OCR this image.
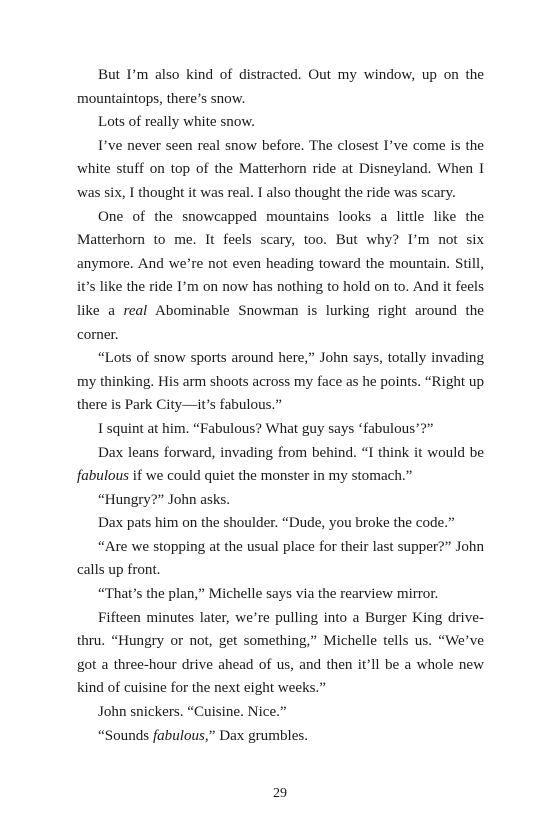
But I’m also kind of distracted. Out my window, up on the mountaintops, there’s snow.

Lots of really white snow.

I’ve never seen real snow before. The closest I’ve come is the white stuff on top of the Matterhorn ride at Disneyland. When I was six, I thought it was real. I also thought the ride was scary.

One of the snowcapped mountains looks a little like the Matterhorn to me. It feels scary, too. But why? I’m not six anymore. And we’re not even heading toward the mountain. Still, it’s like the ride I’m on now has nothing to hold on to. And it feels like a real Abominable Snowman is lurking right around the corner.

“Lots of snow sports around here,” John says, totally invading my thinking. His arm shoots across my face as he points. “Right up there is Park City—it’s fabulous.”

I squint at him. “Fabulous? What guy says ‘fabulous’?”

Dax leans forward, invading from behind. “I think it would be fabulous if we could quiet the monster in my stomach.”

“Hungry?” John asks.

Dax pats him on the shoulder. “Dude, you broke the code.”

“Are we stopping at the usual place for their last supper?” John calls up front.

“That’s the plan,” Michelle says via the rearview mirror.

Fifteen minutes later, we’re pulling into a Burger King drive-thru. “Hungry or not, get something,” Michelle tells us. “We’ve got a three-hour drive ahead of us, and then it’ll be a whole new kind of cuisine for the next eight weeks.”

John snickers. “Cuisine. Nice.”

“Sounds fabulous,” Dax grumbles.

29
